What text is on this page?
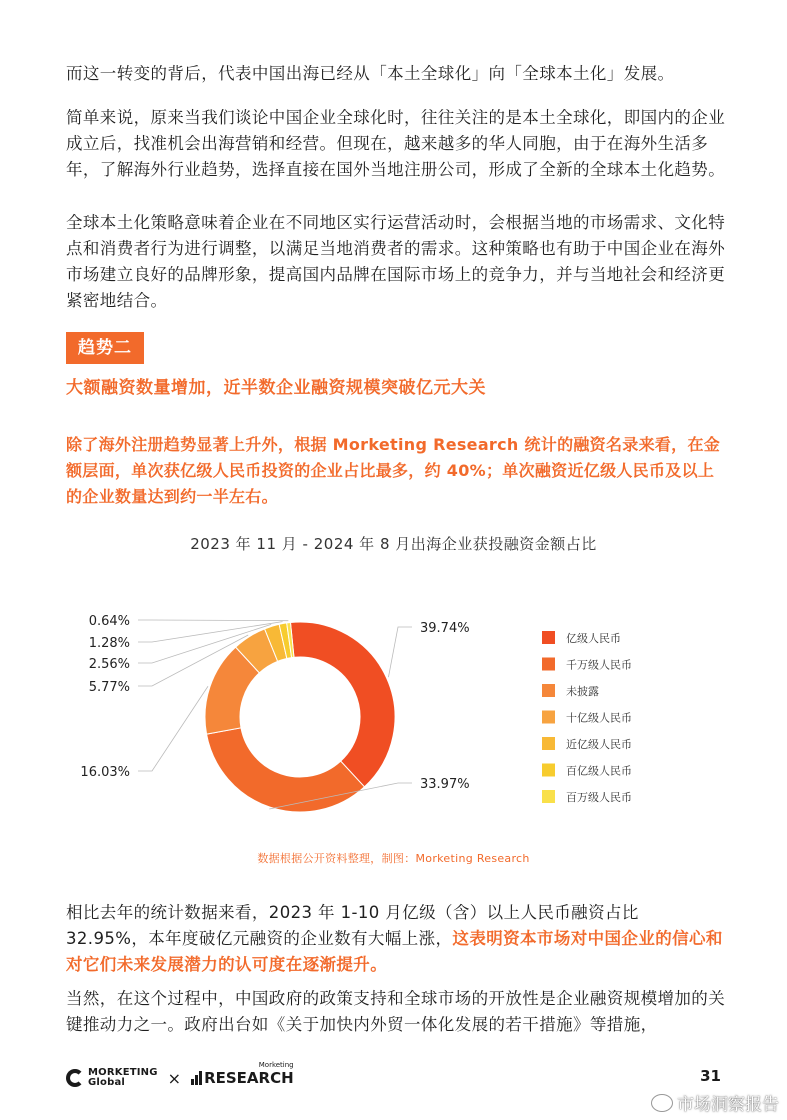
而这一转变的背后，代表中国出海已经从「本土全球化」向「全球本土化」发展。
简单来说，原来当我们谈论中国企业全球化时，往往关注的是本土全球化，即国内的企业成立后，找准机会出海营销和经营。但现在，越来越多的华人同胞，由于在海外生活多年，了解海外行业趋势，选择直接在国外当地注册公司，形成了全新的全球本土化趋势。
全球本土化策略意味着企业在不同地区实行运营活动时，会根据当地的市场需求、文化特点和消费者行为进行调整，以满足当地消费者的需求。这种策略也有助于中国企业在海外市场建立良好的品牌形象，提高国内品牌在国际市场上的竞争力，并与当地社会和经济更紧密地结合。
趋势二
大额融资数量增加，近半数企业融资规模突破亿元大关
除了海外注册趋势显著上升外，根据 Morketing Research 统计的融资名录来看，在金额层面，单次获亿级人民币投资的企业占比最多，约 40%；单次融资近亿级人民币及以上的企业数量达到约一半左右。
2023 年 11 月 - 2024 年 8 月出海企业获投融资金额占比
39.74%
33.97%
16.03%
5.77%
2.56%
1.28%
0.64%
亿级人民币
千万级人民币
未披露
十亿级人民币
近亿级人民币
百亿级人民币
百万级人民币
数据根据公开资料整理，制图：Morketing Research
相比去年的统计数据来看，2023 年 1-10 月亿级（含）以上人民币融资占比 32.95%，本年度破亿元融资的企业数有大幅上涨，这表明资本市场对中国企业的信心和对它们未来发展潜力的认可度在逐渐提升。
当然，在这个过程中，中国政府的政策支持和全球市场的开放性是企业融资规模增加的关键推动力之一。政府出台如《关于加快内外贸一体化发展的若干措施》等措施，
MORKETING
Global	×
Morketing
RESEARCH	31
市场洞察报告
